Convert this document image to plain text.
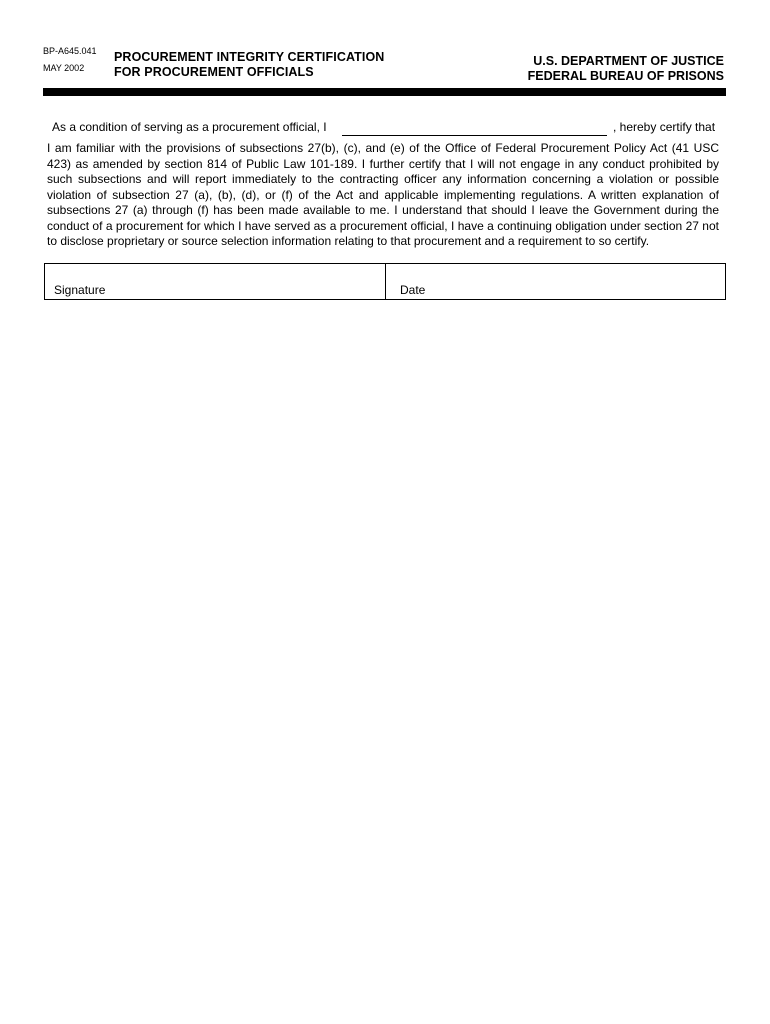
BP-A645.041
MAY 2002
PROCUREMENT INTEGRITY CERTIFICATION
FOR PROCUREMENT OFFICIALS
U.S. DEPARTMENT OF JUSTICE
FEDERAL BUREAU OF PRISONS
As a condition of serving as a procurement official, I	, hereby certify that
I am familiar with the provisions of subsections 27(b), (c), and (e) of the Office of Federal Procurement Policy Act (41 USC 423) as amended by section 814 of Public Law 101-189. I further certify that I will not engage in any conduct prohibited by such subsections and will report immediately to the contracting officer any information concerning a violation or possible violation of subsection 27 (a), (b), (d), or (f) of the Act and applicable implementing regulations. A written explanation of subsections 27 (a) through (f) has been made available to me. I understand that should I leave the Government during the conduct of a procurement for which I have served as a procurement official, I have a continuing obligation under section 27 not to disclose proprietary or source selection information relating to that procurement and a requirement to so certify.
Signature	Date
